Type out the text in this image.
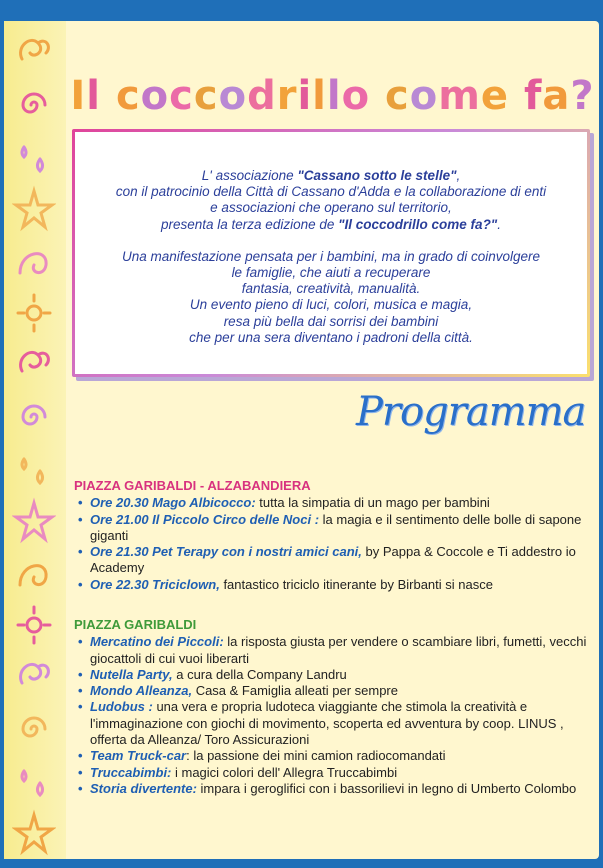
Il coccodrillo come fa?

L' associazione "Cassano sotto le stelle",

con il patrocinio della Città di Cassano d'Adda e la collaborazione di enti

e associazioni che operano sul territorio,

presenta la terza edizione de "Il coccodrillo come fa?".

Una manifestazione pensata per i bambini, ma in grado di coinvolgere

le famiglie, che aiuti a recuperare

fantasia, creatività, manualità.

Un evento pieno di luci, colori, musica e magia,

resa più bella dai sorrisi dei bambini

che per una sera diventano i padroni della città.

Programma
PIAZZA GARIBALDI - ALZABANDIERA
• Ore 20.30 Mago Albicocco: tutta la simpatia di un mago per bambini
• Ore 21.00 Il Piccolo Circo delle Noci : la magia e il sentimento delle bolle di sapone giganti
• Ore 21.30 Pet Terapy con i nostri amici cani, by Pappa & Coccole e Ti addestro io Academy
• Ore 22.30 Triciclown, fantastico triciclo itinerante by Birbanti si nasce
PIAZZA GARIBALDI
• Mercatino dei Piccoli: la risposta giusta per vendere o scambiare libri, fumetti, vecchi giocattoli di cui vuoi liberarti
• Nutella Party, a cura della Company Landru
• Mondo Alleanza, Casa & Famiglia alleati per sempre
• Ludobus : una vera e propria ludoteca viaggiante che stimola la creatività e l'immaginazione con giochi di movimento, scoperta ed avventura by coop. LINUS , offerta da Alleanza/ Toro Assicurazioni
• Team Truck-car: la passione dei mini camion radiocomandati
• Truccabimbi: i magici colori dell' Allegra Truccabimbi
• Storia divertente: impara i geroglifici con i bassorilievi in legno di Umberto Colombo
